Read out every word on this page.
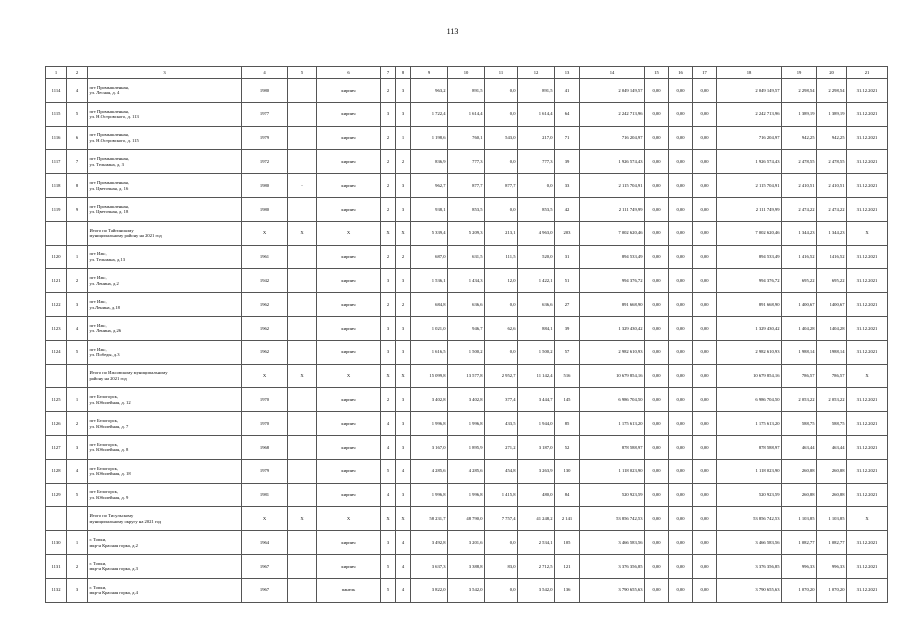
113
1	2	3	4	5	6	7	8	9	10	11	12	13	14	15	16	17	18	19	20	21
1114	4	пгт Промышленная,
ул. Лесная, д. 4	1980		кирпич	2	3	963,2	891,5	0,0	891,5	41	2 049 149,57	0,00	0,00	0,00	2 049 149,57	2 298,54	2 298,54	31.12.2021
1115	5	пгт Промышленная,
ул. Н.Островского, д. 113	1977		кирпич	3	3	1 722,4	1 614,4	0,0	1 614,4	64	2 242 713,96	0,00	0,00	0,00	2 242 713,96	1 389,19	1 389,19	31.12.2021
1116	6	пгт Промышленная,
ул. Н.Островского, д. 115	1979		кирпич	2	1	1 198,6	760,1	543,0	217,0	71	716 204,97	0,00	0,00	0,00	716 204,97	942,25	942,25	31.12.2021
1117	7	пгт Промышленная,
ул. Тельмана, д. 3	1972		кирпич	2	2	836,9	777,3	0,0	777,3	39	1 926 574,43	0,00	0,00	0,00	1 926 574,43	2 478,55	2 478,55	31.12.2021
1118	8	пгт Промышленная,
ул. Цветочная, д. 16	1980	-	кирпич	2	3	962,7	877,7	877,7	0,0	33	2 115 704,91	0,00	0,00	0,00	2 115 704,91	2 410,51	2 410,51	31.12.2021
1119	9	пгт Промышленная,
ул. Цветочная, д. 18	1980		кирпич	2	3	938,1	853,5	0,0	853,5	42	2 111 749,99	0,00	0,00	0,00	2 111 749,99	2 474,22	2 474,22	31.12.2021

		Итого по Тайгинскому
муниципальному району на 2021 год	X	X	X	X	X	5 339,4	5 209,3	213,1	4 963,0	203	7 002 620,46	0,00	0,00	0,00	7 002 620,46	1 344,23	1 344,23	X
1120	1	пгт Ижс,
ул. Тельмана, д.13	1961		кирпич	2	2	687,0	631,5	111,5	520,0	31	894 533,49	0,00	0,00	0,00	894 533,49	1 416,52	1416,52	31.12.2021
1121	2	пгт Ижс,
ул. Ленина, д.2	1942		кирпич	3	3	1 536,1	1 434,3	12,0	1 422,1	51	994 376,72	0,00	0,00	0,00	994 376,72	695,22	695,22	31.12.2021
1122	3	пгт Ижс,
ул.Ленина, д.18	1962		кирпич	2	2	684,8	636,6	0,0	636,6	27	891 668,90	0,00	0,00	0,00	891 668,90	1 400,67	1400,67	31.12.2021
1123	4	пгт Ижс,
ул. Ленина, д.26	1962		кирпич	3	3	1 021,0	946,7	62,6	884,1	39	1 329 430,42	0,00	0,00	0,00	1 329 430,42	1 404,28	1404,28	31.12.2021
1124	5	пгт Ижс,
ул. Победы, д.3	1962		кирпич	3	3	1 616,5	1 500,2	0,0	1 500,2	57	2 982 610,93	0,00	0,00	0,00	2 982 610,93	1 988,14	1988,14	31.12.2021

		Итого по Ижсовскому муниципальному
району на 2021 год	X	X	X	X	X	15 099,8	13 577,8	2 952,7	11 142,4	516	10 679 854,16	0,00	0,00	0,00	10 679 854,16	786,57	786,57	X
1125	1	пгт Белогорск,
ул. Юбилейная, д. 12	1970		кирпич	2	3	3 402,8	3 402,8	377,4	3 444,7	145	6 986 704,50	0,00	0,00	0,00	6 986 704,50	2 053,22	2 053,22	31.12.2021
1126	2	пгт Белогорск,
ул. Юбилейная, д. 7	1970		кирпич	4	3	1 996,8	1 996,8	433,5	1 944,0	85	1 175 613,20	0,00	0,00	0,00	1 175 613,20	588,75	588,75	31.12.2021
1127	3	пгт Белогорск,
ул. Юбилейная, д. 8	1968		кирпич	4	3	3 167,0	1 895,9	271,2	3 187,0	52	878 588,97	0,00	0,00	0,00	878 588,97	463,44	463,44	31.12.2021
1128	4	пгт Белогорск,
ул. Юбилейная, д. 18	1979		кирпич	5	4	4 285,6	4 285,6	454,8	3 263,9	130	1 118 023,90	0,00	0,00	0,00	1 118 023,90	260,88	260,88	31.12.2021
1129	5	пгт Белогорск,
ул. Юбилейная, д. 9	1981		кирпич	4	3	1 996,8	1 996,8	1 415,8	480,0	84	520 923,59	0,00	0,00	0,00	520 923,59	260,88	260,88	31.12.2021

		Итого по Тисульскому
муниципальному округу на 2021 год	X	X	X	X	X	58 231,7	48 790,0	7 757,4	41 248,2	2 141	53 856 742,53	0,00	0,00	0,00	53 856 742,53	1 103,85	1 103,85	X
1130	1	г. Топки,
мкр-н Красная горка, д.2	1964		кирпич	3	4	3 492,8	3 201,6	0,0	2 534,1	105	3 466 583,56	0,00	0,00	0,00	3 466 583,56	1 082,77	1 082,77	31.12.2021
1131	2	г. Топки,
мкр-н Красная горка, д.3	1967		кирпич	5	4	3 637,3	3 388,8	83,0	2 712,5	121	3 376 356,85	0,00	0,00	0,00	3 376 356,85	996,33	996,33	31.12.2021
1132	3	г. Топки,
мкр-н Красная горка, д.4	1967		панель	5	4	3 822,0	3 542,0	0,0	3 542,0	136	3 790 655,63	0,00	0,00	0,00	3 790 655,63	1 070,20	1 070,20	31.12.2021
